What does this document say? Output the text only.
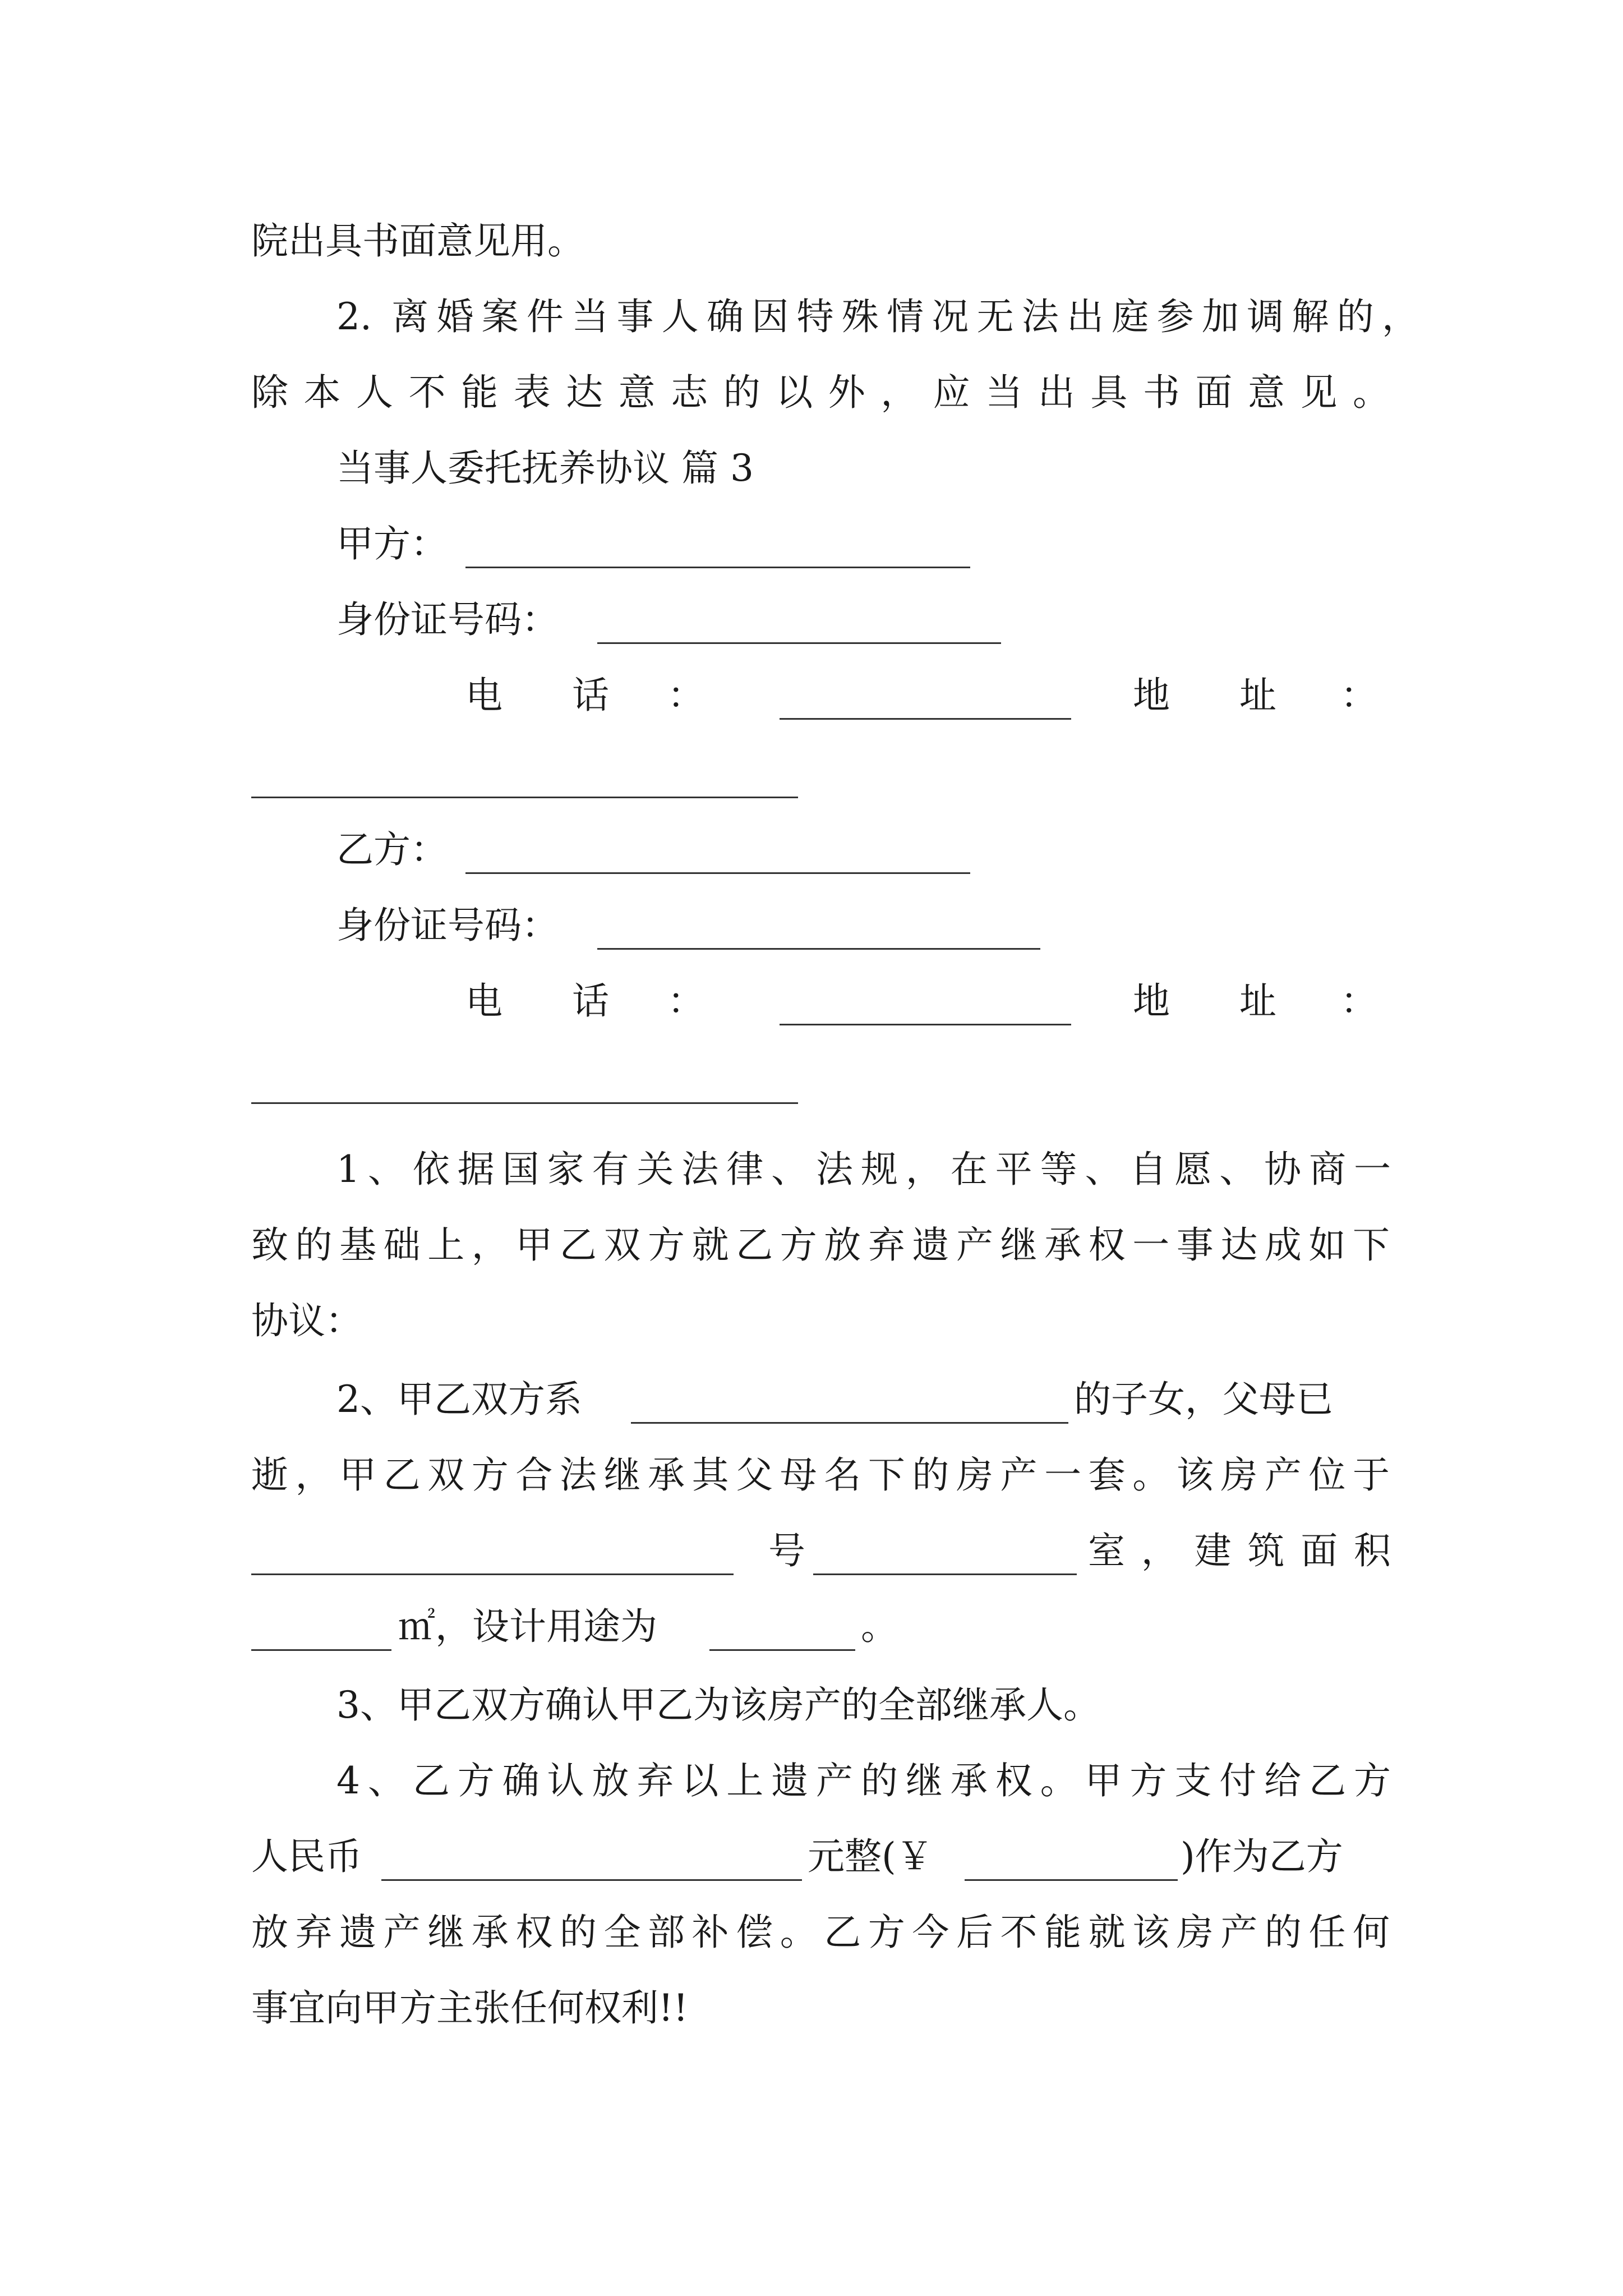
院出具书面意见用。
2. 离婚案件当事人确因特殊情况无法出庭参加调解的，
除本人不能表达意志的以外，应当出具书面意见。
当事人委托抚养协议 篇 3
甲方：
身份证号码：
电 话 ：	地 址 ：
乙方：
身份证号码：
电 话 ：	地 址 ：
1、依据国家有关法律、法规，在平等、自愿、协商一
致的基础上，甲乙双方就乙方放弃遗产继承权一事达成如下
协议：
2、甲乙双方系	的子女，父母已
逝，甲乙双方合法继承其父母名下的房产一套。该房产位于
号	室，建筑面积
㎡，设计用途为	。
3、甲乙双方确认甲乙为该房产的全部继承人。
4、乙方确认放弃以上遗产的继承权。甲方支付给乙方
人民币	元整(￥	)作为乙方
放弃遗产继承权的全部补偿。乙方今后不能就该房产的任何
事宜向甲方主张任何权利!!
